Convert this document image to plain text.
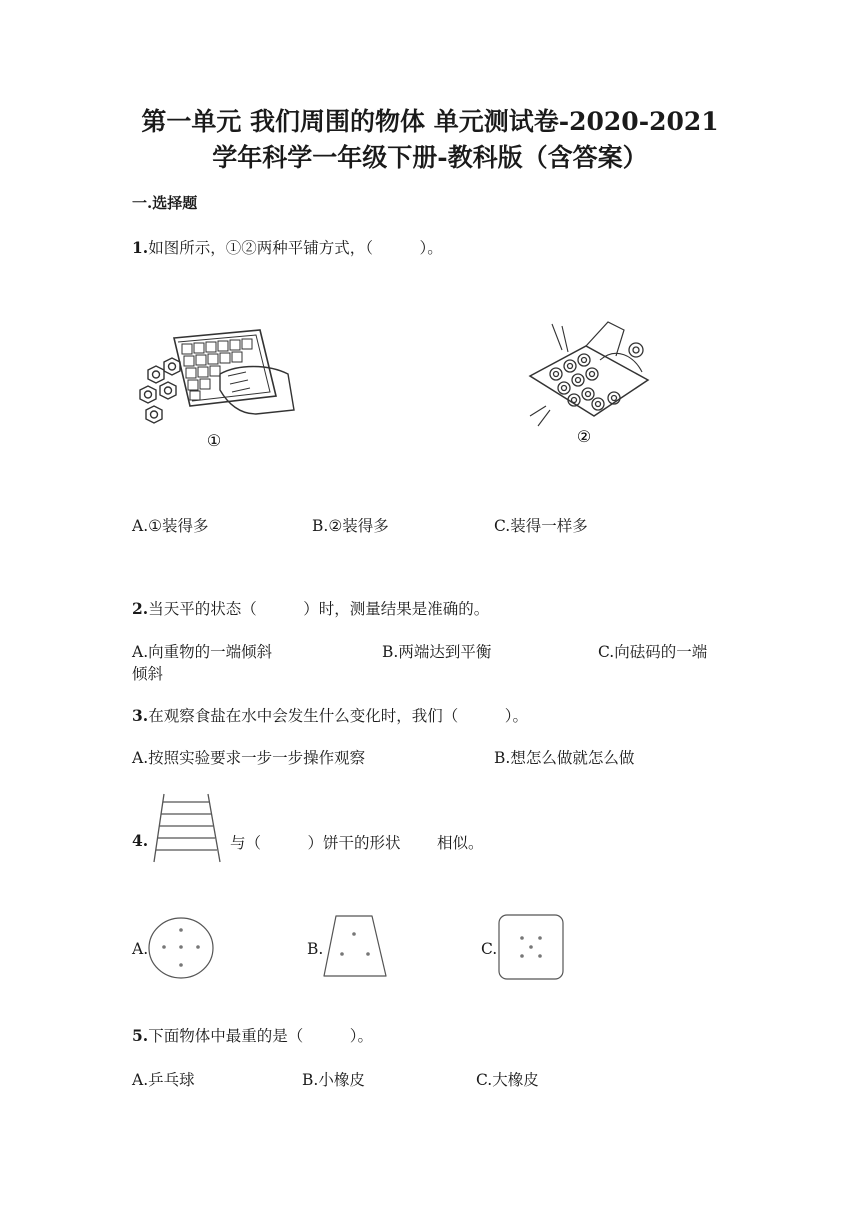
第一单元 我们周围的物体 单元测试卷-2020-2021
学年科学一年级下册-教科版（含答案）
一.选择题
1.如图所示，①②两种平铺方式，（　　　）。
①	②
A.①装得多	B.②装得多	C.装得一样多
2.当天平的状态（　　　）时，测量结果是准确的。
A.向重物的一端倾斜	B.两端达到平衡	C.向砝码的一端
倾斜
3.在观察食盐在水中会发生什么变化时，我们（　　　）。
A.按照实验要求一步一步操作观察	B.想怎么做就怎么做
4.	与（　　　）饼干的形状 相似。
A.	B.	C.
5.下面物体中最重的是（　　　）。
A.乒乓球	B.小橡皮	C.大橡皮
